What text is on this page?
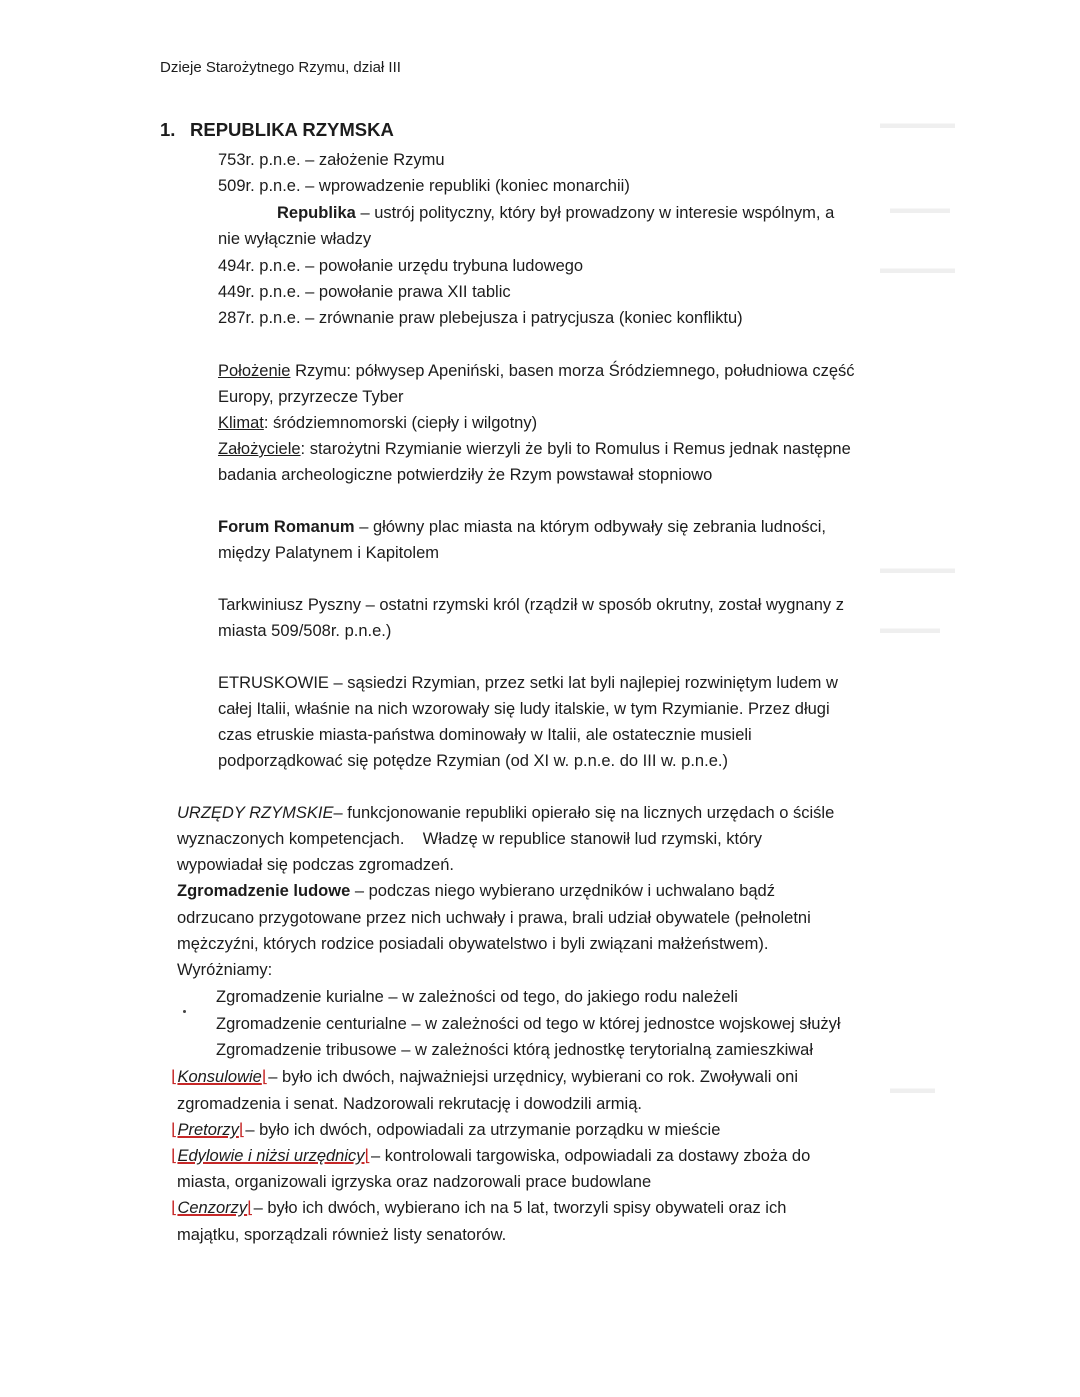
▬▬▬▬▬
▬▬▬▬
▬▬▬▬▬
▬▬▬▬▬
▬▬▬▬
▬▬▬
Dzieje Starożytnego Rzymu, dział III
1. REPUBLIKA RZYMSKA
753r. p.n.e. – założenie Rzymu
509r. p.n.e. – wprowadzenie republiki (koniec monarchii)
Republika – ustrój polityczny, który był prowadzony w interesie wspólnym, a
nie wyłącznie władzy
494r. p.n.e. – powołanie urzędu trybuna ludowego
449r. p.n.e. – powołanie prawa XII tablic
287r. p.n.e. – zrównanie praw plebejusza i patrycjusza (koniec konfliktu)
Położenie Rzymu: półwysep Apeniński, basen morza Śródziemnego, południowa część
Europy, przyrzecze Tyber
Klimat: śródziemnomorski (ciepły i wilgotny)
Założyciele: starożytni Rzymianie wierzyli że byli to Romulus i Remus jednak następne
badania archeologiczne potwierdziły że Rzym powstawał stopniowo
Forum Romanum – główny plac miasta na którym odbywały się zebrania ludności,
między Palatynem i Kapitolem
Tarkwiniusz Pyszny – ostatni rzymski król (rządził w sposób okrutny, został wygnany z
miasta 509/508r. p.n.e.)
ETRUSKOWIE – sąsiedzi Rzymian, przez setki lat byli najlepiej rozwiniętym ludem w
całej Italii, właśnie na nich wzorowały się ludy italskie, w tym Rzymianie. Przez długi
czas etruskie miasta-państwa dominowały w Italii, ale ostatecznie musieli
podporządkować się potędze Rzymian (od XI w. p.n.e. do III w. p.n.e.)
URZĘDY RZYMSKIE– funkcjonowanie republiki opierało się na licznych urzędach o ściśle
wyznaczonych kompetencjach.    Władzę w republice stanowił lud rzymski, który
wypowiadał się podczas zgromadzeń.
Zgromadzenie ludowe – podczas niego wybierano urzędników i uchwalano bądź
odrzucano przygotowane przez nich uchwały i prawa, brali udział obywatele (pełnoletni
mężczyźni, których rodzice posiadali obywatelstwo i byli związani małżeństwem).
Wyróżniamy:
Zgromadzenie kurialne – w zależności od tego, do jakiego rodu należeli
Zgromadzenie centurialne – w zależności od tego w której jednostce wojskowej służył
Zgromadzenie tribusowe – w zależności którą jednostkę terytorialną zamieszkiwał
⌊Konsulowie⌊– było ich dwóch, najważniejsi urzędnicy, wybierani co rok. Zwoływali oni
zgromadzenia i senat. Nadzorowali rekrutację i dowodzili armią.
⌊Pretorzy⌊– było ich dwóch, odpowiadali za utrzymanie porządku w mieście
⌊Edylowie i niżsi urzędnicy⌊– kontrolowali targowiska, odpowiadali za dostawy zboża do
miasta, organizowali igrzyska oraz nadzorowali prace budowlane
⌊Cenzorzy⌊– było ich dwóch, wybierano ich na 5 lat, tworzyli spisy obywateli oraz ich
majątku, sporządzali również listy senatorów.
